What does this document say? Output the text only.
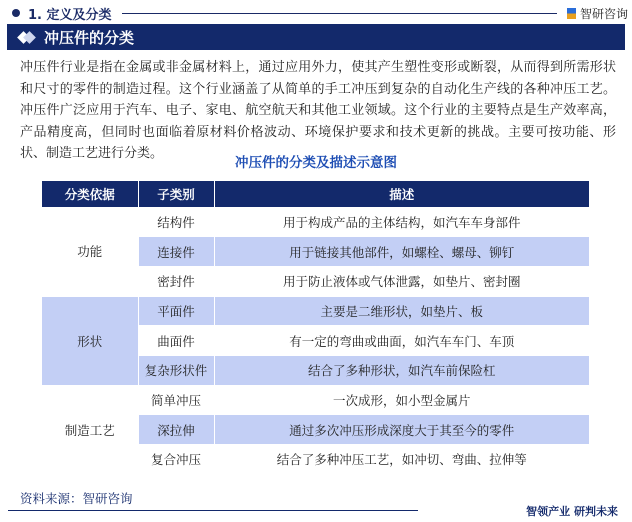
1. 定义及分类	智研咨询
冲压件的分类

冲压件行业是指在金属或非金属材料上，通过应用外力，使其产生塑性变形或断裂，从而得到所需形状和尺寸的零件的制造过程。这个行业涵盖了从简单的手工冲压到复杂的自动化生产线的各种冲压工艺。冲压件广泛应用于汽车、电子、家电、航空航天和其他工业领域。这个行业的主要特点是生产效率高，产品精度高，但同时也面临着原材料价格波动、环境保护要求和技术更新的挑战。主要可按功能、形状、制造工艺进行分类。

冲压件的分类及描述示意图
分类依据	子类别	描述
功能	结构件	用于构成产品的主体结构，如汽车车身部件
	连接件	用于链接其他部件，如螺栓、螺母、铆钉
	密封件	用于防止液体或气体泄露，如垫片、密封圈
形状	平面件	主要是二维形状，如垫片、板
	曲面件	有一定的弯曲或曲面，如汽车车门、车顶
	复杂形状件	结合了多种形状，如汽车前保险杠
制造工艺	简单冲压	一次成形，如小型金属片
	深拉伸	通过多次冲压形成深度大于其至今的零件
	复合冲压	结合了多种冲压工艺，如冲切、弯曲、拉伸等
资料来源：智研咨询
智领产业 研判未来
